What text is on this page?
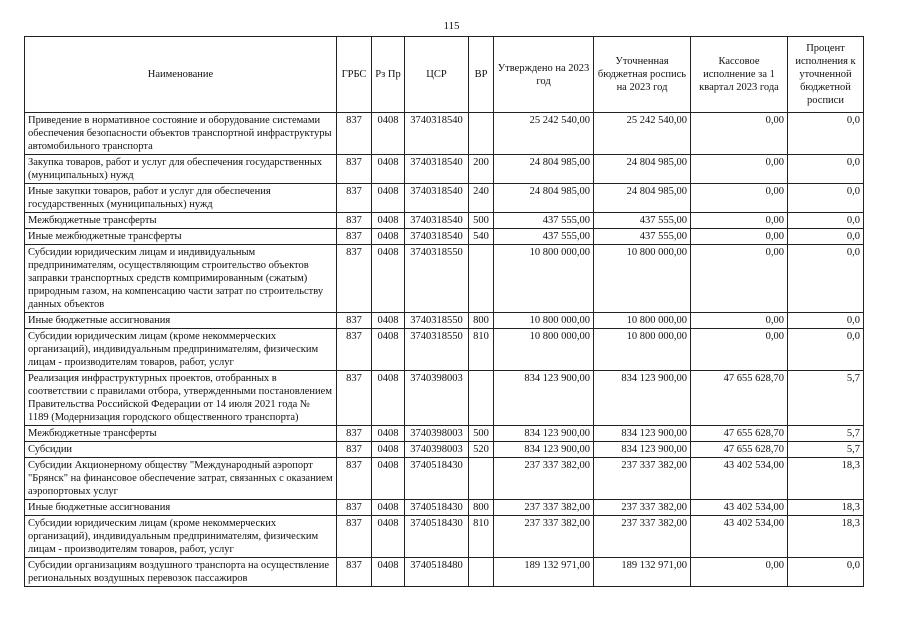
115
Наименование	ГРБС	Рз Пр	ЦСР	ВР	Утверждено на 2023 год	Уточненная бюджетная роспись на 2023 год	Кассовое исполнение за 1 квартал 2023 года	Процент исполнения к уточненной бюджетной росписи
Приведение в нормативное состояние и оборудование системами обеспечения безопасности объектов транспортной инфраструктуры автомобильного транспорта	837	0408	3740318540		25 242 540,00	25 242 540,00	0,00	0,0
Закупка товаров, работ и услуг для обеспечения государственных (муниципальных) нужд	837	0408	3740318540	200	24 804 985,00	24 804 985,00	0,00	0,0
Иные закупки товаров, работ и услуг для обеспечения государственных (муниципальных) нужд	837	0408	3740318540	240	24 804 985,00	24 804 985,00	0,00	0,0
Межбюджетные трансферты	837	0408	3740318540	500	437 555,00	437 555,00	0,00	0,0
Иные межбюджетные трансферты	837	0408	3740318540	540	437 555,00	437 555,00	0,00	0,0
Субсидии юридическим лицам и индивидуальным предпринимателям, осуществляющим строительство объектов заправки транспортных средств компримированным (сжатым) природным газом, на компенсацию части затрат по строительству данных объектов	837	0408	3740318550		10 800 000,00	10 800 000,00	0,00	0,0
Иные бюджетные ассигнования	837	0408	3740318550	800	10 800 000,00	10 800 000,00	0,00	0,0
Субсидии юридическим лицам (кроме некоммерческих организаций), индивидуальным предпринимателям, физическим лицам - производителям товаров, работ, услуг	837	0408	3740318550	810	10 800 000,00	10 800 000,00	0,00	0,0
Реализация инфраструктурных проектов, отобранных в соответствии с правилами отбора, утвержденными постановлением Правительства Российской Федерации от 14 июля 2021 года № 1189 (Модернизация городского общественного транспорта)	837	0408	3740398003		834 123 900,00	834 123 900,00	47 655 628,70	5,7
Межбюджетные трансферты	837	0408	3740398003	500	834 123 900,00	834 123 900,00	47 655 628,70	5,7
Субсидии	837	0408	3740398003	520	834 123 900,00	834 123 900,00	47 655 628,70	5,7
Субсидии Акционерному обществу "Международный аэропорт "Брянск" на финансовое обеспечение затрат, связанных с оказанием аэропортовых услуг	837	0408	3740518430		237 337 382,00	237 337 382,00	43 402 534,00	18,3
Иные бюджетные ассигнования	837	0408	3740518430	800	237 337 382,00	237 337 382,00	43 402 534,00	18,3
Субсидии юридическим лицам (кроме некоммерческих организаций), индивидуальным предпринимателям, физическим лицам - производителям товаров, работ, услуг	837	0408	3740518430	810	237 337 382,00	237 337 382,00	43 402 534,00	18,3
Субсидии организациям воздушного транспорта на осуществление региональных воздушных перевозок пассажиров	837	0408	3740518480		189 132 971,00	189 132 971,00	0,00	0,0
